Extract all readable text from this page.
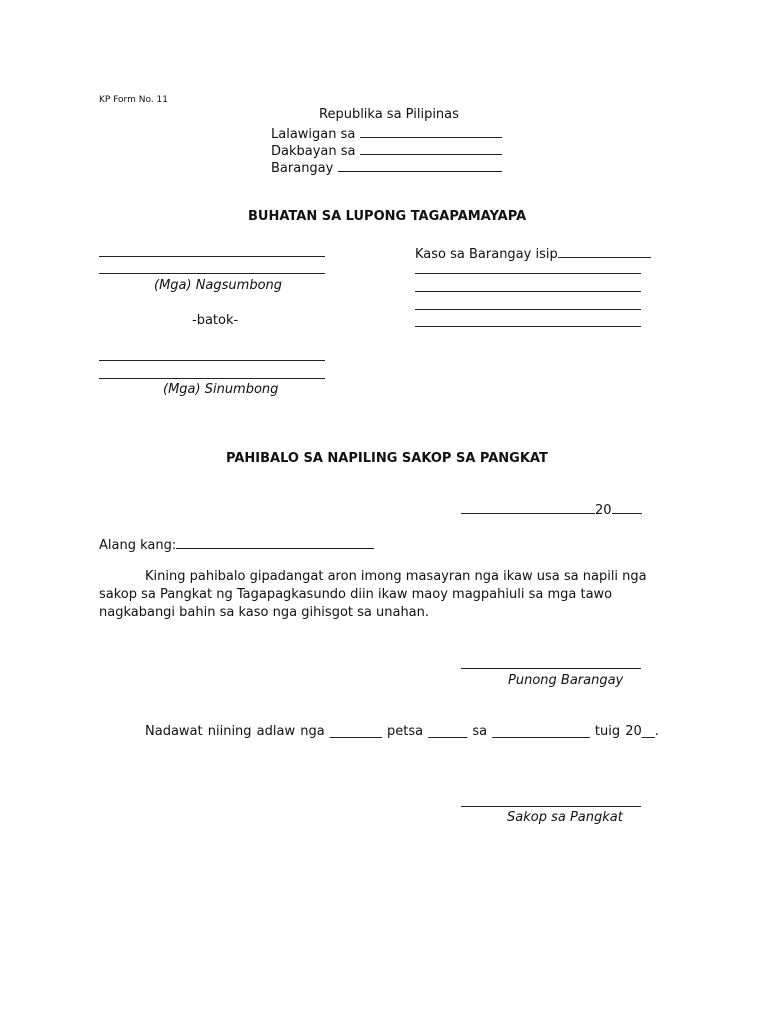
KP Form No. 11
Republika sa Pilipinas
Lalawigan sa
Dakbayan sa
Barangay
BUHATAN SA LUPONG TAGAPAMAYAPA
(Mga) Nagsumbong
-batok-
(Mga) Sinumbong
Kaso sa Barangay isip
PAHIBALO SA NAPILING SAKOP SA PANGKAT
20
Alang kang:
Kining pahibalo gipadangat aron imong masayran nga ikaw usa sa napili nga sakop sa Pangkat ng Tagapagkasundo diin ikaw maoy magpahiuli sa mga tawo nagkabangi bahin sa kaso nga gihisgot sa unahan.
Punong Barangay
Nadawat niining adlaw nga ________ petsa ______ sa _______________ tuig 20__.
Sakop sa Pangkat
